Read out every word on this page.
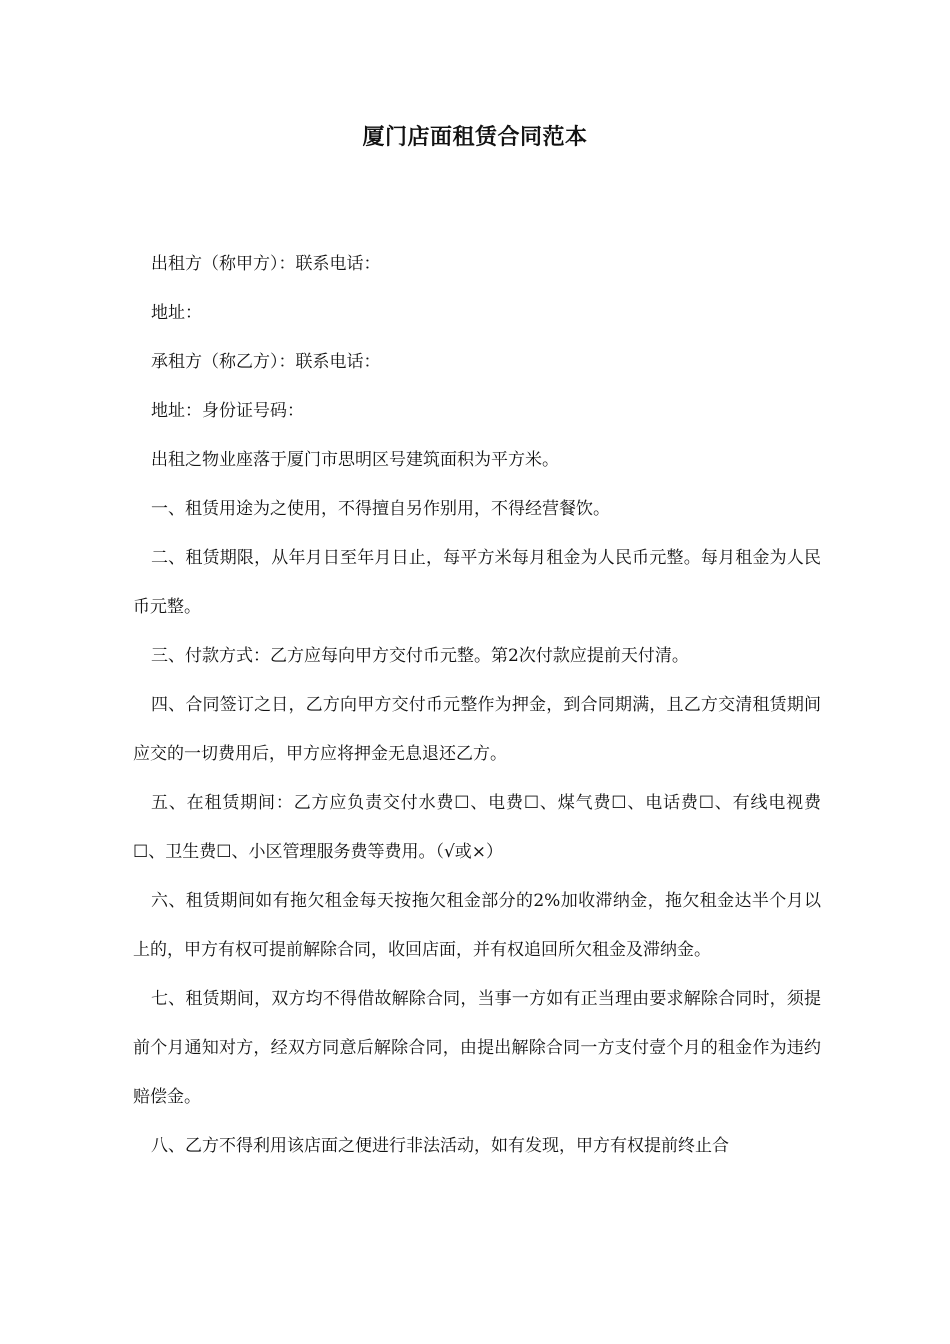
厦门店面租赁合同范本

出租方（称甲方）：联系电话：

地址：

承租方（称乙方）：联系电话：

地址：身份证号码：

出租之物业座落于厦门市思明区号建筑面积为平方米。

一、租赁用途为之使用，不得擅自另作别用，不得经营餐饮。

二、租赁期限，从年月日至年月日止，每平方米每月租金为人民币元整。每月租金为人民币元整。

三、付款方式：乙方应每向甲方交付币元整。第2次付款应提前天付清。

四、合同签订之日，乙方向甲方交付币元整作为押金，到合同期满，且乙方交清租赁期间应交的一切费用后，甲方应将押金无息退还乙方。

五、在租赁期间：乙方应负责交付水费☐、电费☐、煤气费☐、电话费☐、有线电视费☐、卫生费☐、小区管理服务费等费用。（√或×）

六、租赁期间如有拖欠租金每天按拖欠租金部分的2%加收滞纳金，拖欠租金达半个月以上的，甲方有权可提前解除合同，收回店面，并有权追回所欠租金及滞纳金。

七、租赁期间，双方均不得借故解除合同，当事一方如有正当理由要求解除合同时，须提前个月通知对方，经双方同意后解除合同，由提出解除合同一方支付壹个月的租金作为违约赔偿金。

八、乙方不得利用该店面之便进行非法活动，如有发现，甲方有权提前终止合
